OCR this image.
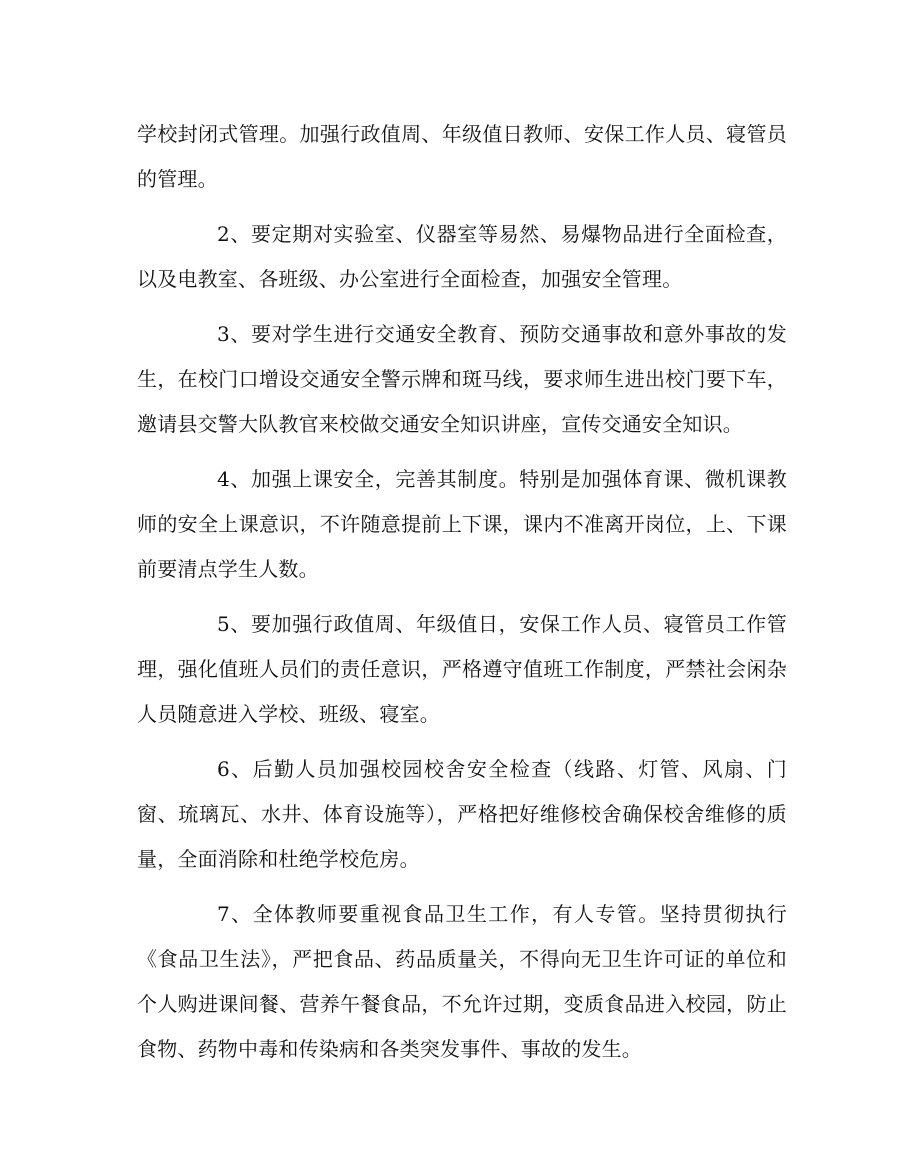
学校封闭式管理。加强行政值周、年级值日教师、安保工作人员、寝管员的管理。

2、要定期对实验室、仪器室等易然、易爆物品进行全面检查，以及电教室、各班级、办公室进行全面检查，加强安全管理。

3、要对学生进行交通安全教育、预防交通事故和意外事故的发生，在校门口增设交通安全警示牌和斑马线，要求师生进出校门要下车，邀请县交警大队教官来校做交通安全知识讲座，宣传交通安全知识。

4、加强上课安全，完善其制度。特别是加强体育课、微机课教师的安全上课意识，不许随意提前上下课，课内不准离开岗位，上、下课前要清点学生人数。

5、要加强行政值周、年级值日，安保工作人员、寝管员工作管理，强化值班人员们的责任意识，严格遵守值班工作制度，严禁社会闲杂人员随意进入学校、班级、寝室。

6、后勤人员加强校园校舍安全检查（线路、灯管、风扇、门窗、琉璃瓦、水井、体育设施等），严格把好维修校舍确保校舍维修的质量，全面消除和杜绝学校危房。

7、全体教师要重视食品卫生工作，有人专管。坚持贯彻执行《食品卫生法》，严把食品、药品质量关，不得向无卫生许可证的单位和个人购进课间餐、营养午餐食品，不允许过期，变质食品进入校园，防止食物、药物中毒和传染病和各类突发事件、事故的发生。
